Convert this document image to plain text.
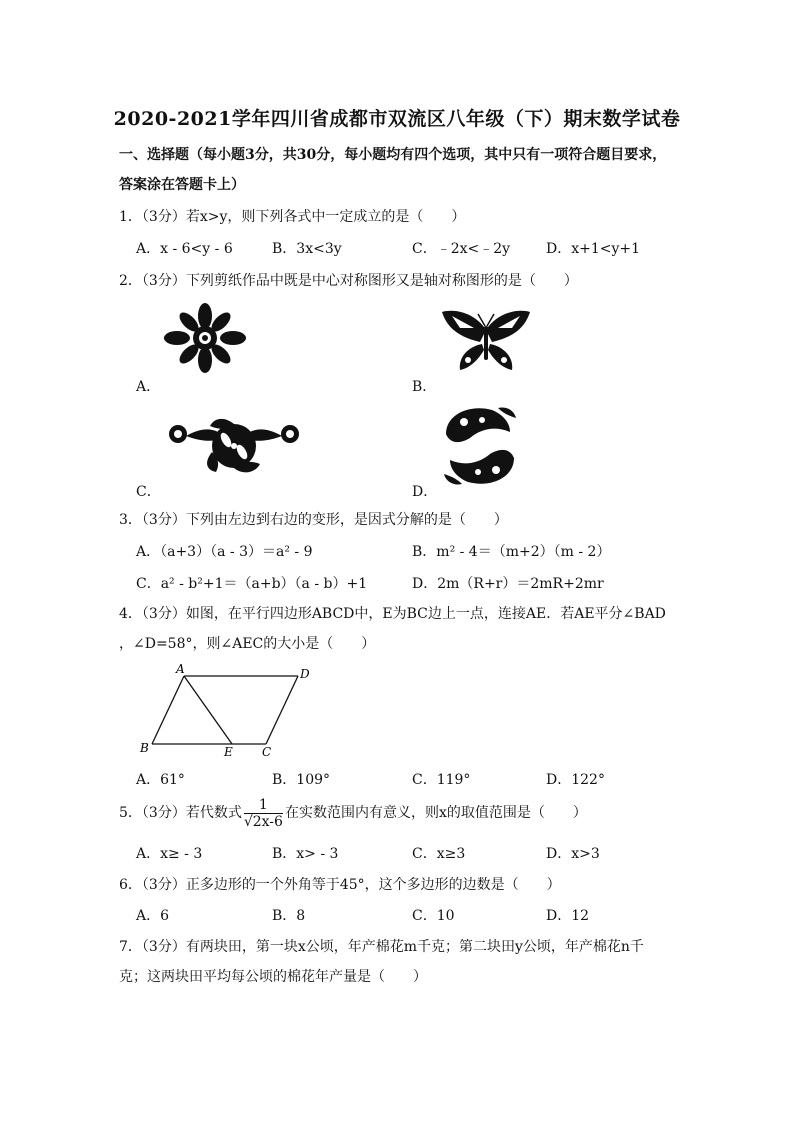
2020-2021学年四川省成都市双流区八年级（下）期末数学试卷
一、选择题（每小题3分，共30分，每小题均有四个选项，其中只有一项符合题目要求，
答案涂在答题卡上）
1．（3分）若x>y，则下列各式中一定成立的是（　　）
A．x - 6<y - 6	B．3x<3y	C．﹣2x<﹣2y	D．x+1<y+1
2．（3分）下列剪纸作品中既是中心对称图形又是轴对称图形的是（　　）
A．	B．
C．	D．
3．（3分）下列由左边到右边的变形，是因式分解的是（　　）
A．（a+3）（a - 3）＝a² - 9	B．m² - 4＝（m+2）（m - 2）
C．a² - b²+1＝（a+b）（a - b）+1	D．2m（R+r）＝2mR+2mr
4．（3分）如图，在平行四边形ABCD中，E为BC边上一点，连接AE．若AE平分∠BAD
，∠D=58°，则∠AEC的大小是（　　）
A	D
B	E C
A．61°	B．109°	C．119°	D．122°
5．（3分）若代数式 $\frac{1}{√2x-6}$ 在实数范围内有意义，则x的取值范围是（　　）
A．x≥ - 3	B．x> - 3	C．x≥3	D．x>3
6．（3分）正多边形的一个外角等于45°，这个多边形的边数是（　　）
A．6	B．8	C．10	D．12
7．（3分）有两块田，第一块x公顷，年产棉花m千克；第二块田y公顷，年产棉花n千
克；这两块田平均每公顷的棉花年产量是（　　）
